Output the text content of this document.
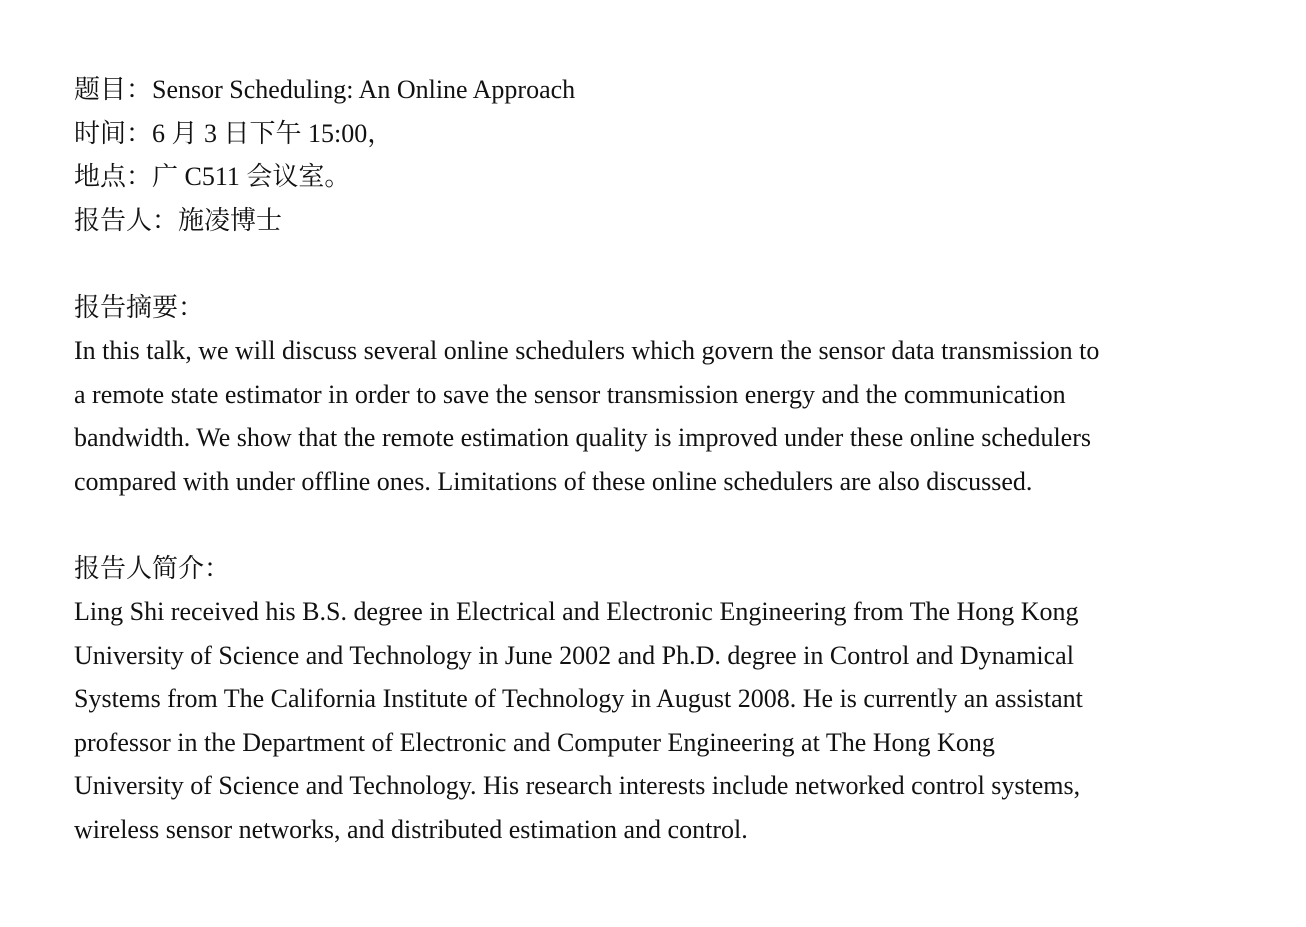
题目：Sensor Scheduling: An Online Approach

时间：6 月 3 日下午 15:00，

地点：广 C511 会议室。

报告人：施凌博士

报告摘要：

In this talk, we will discuss several online schedulers which govern the sensor data transmission to

a remote state estimator in order to save the sensor transmission energy and the communication

bandwidth. We show that the remote estimation quality is improved under these online schedulers

compared with under offline ones. Limitations of these online schedulers are also discussed.

报告人简介：

Ling Shi received his B.S. degree in Electrical and Electronic Engineering from The Hong Kong

University of Science and Technology in June 2002 and Ph.D. degree in Control and Dynamical

Systems from The California Institute of Technology in August 2008. He is currently an assistant

professor in the Department of Electronic and Computer Engineering at The Hong Kong

University of Science and Technology. His research interests include networked control systems,

wireless sensor networks, and distributed estimation and control.
